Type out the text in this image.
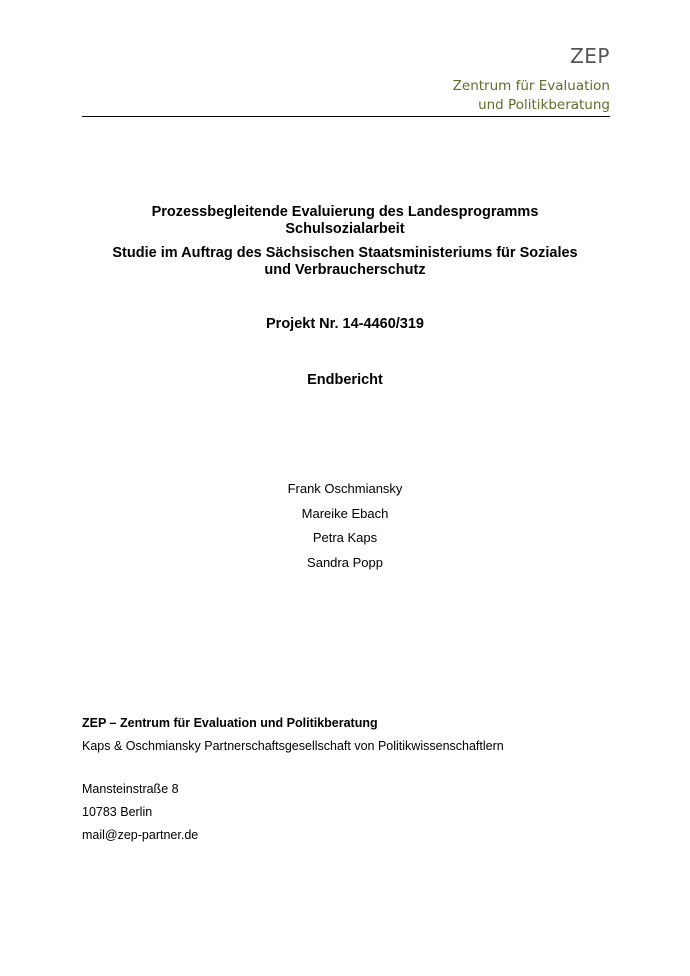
ZEP
Zentrum für Evaluation
und Politikberatung
Prozessbegleitende Evaluierung des Landesprogramms
Schulsozialarbeit
Studie im Auftrag des Sächsischen Staatsministeriums für Soziales
und Verbraucherschutz
Projekt Nr. 14-4460/319
Endbericht
Frank Oschmiansky
Mareike Ebach
Petra Kaps
Sandra Popp
ZEP – Zentrum für Evaluation und Politikberatung
Kaps & Oschmiansky Partnerschaftsgesellschaft von Politikwissenschaftlern
Mansteinstraße 8
10783 Berlin
mail@zep-partner.de
